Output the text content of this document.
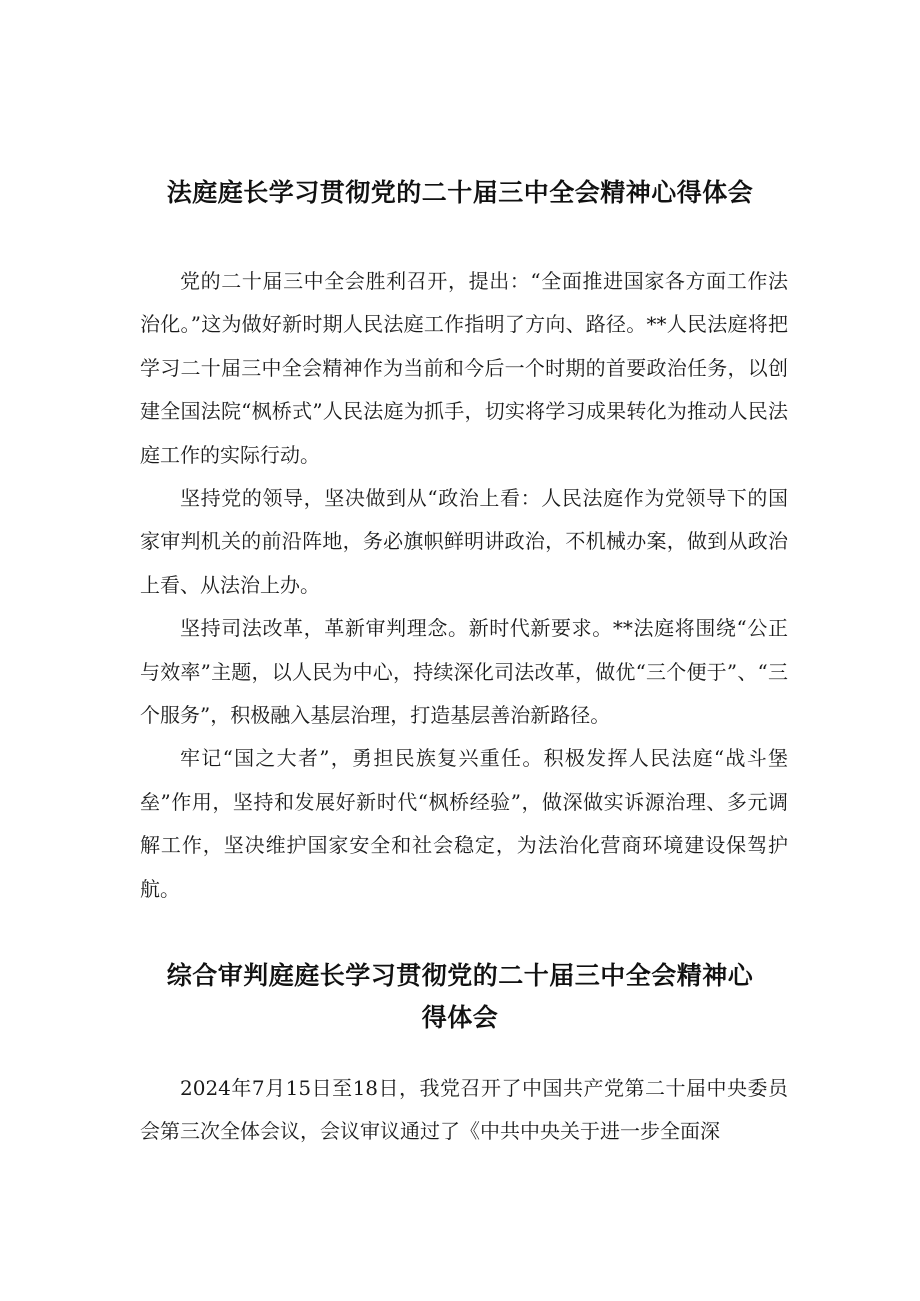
法庭庭长学习贯彻党的二十届三中全会精神心得体会

党的二十届三中全会胜利召开，提出：“全面推进国家各方面工作法治化。”这为做好新时期人民法庭工作指明了方向、路径。**人民法庭将把学习二十届三中全会精神作为当前和今后一个时期的首要政治任务，以创建全国法院“枫桥式”人民法庭为抓手，切实将学习成果转化为推动人民法庭工作的实际行动。

坚持党的领导，坚决做到从“政治上看：人民法庭作为党领导下的国家审判机关的前沿阵地，务必旗帜鲜明讲政治，不机械办案，做到从政治上看、从法治上办。

坚持司法改革，革新审判理念。新时代新要求。**法庭将围绕“公正与效率”主题，以人民为中心，持续深化司法改革，做优“三个便于”、“三个服务”，积极融入基层治理，打造基层善治新路径。

牢记“国之大者”，勇担民族复兴重任。积极发挥人民法庭“战斗堡垒”作用，坚持和发展好新时代“枫桥经验”，做深做实诉源治理、多元调解工作，坚决维护国家安全和社会稳定，为法治化营商环境建设保驾护航。

综合审判庭庭长学习贯彻党的二十届三中全会精神心
得体会

2024年7月15日至18日，我党召开了中国共产党第二十届中央委员会第三次全体会议，会议审议通过了《中共中央关于进一步全面深
